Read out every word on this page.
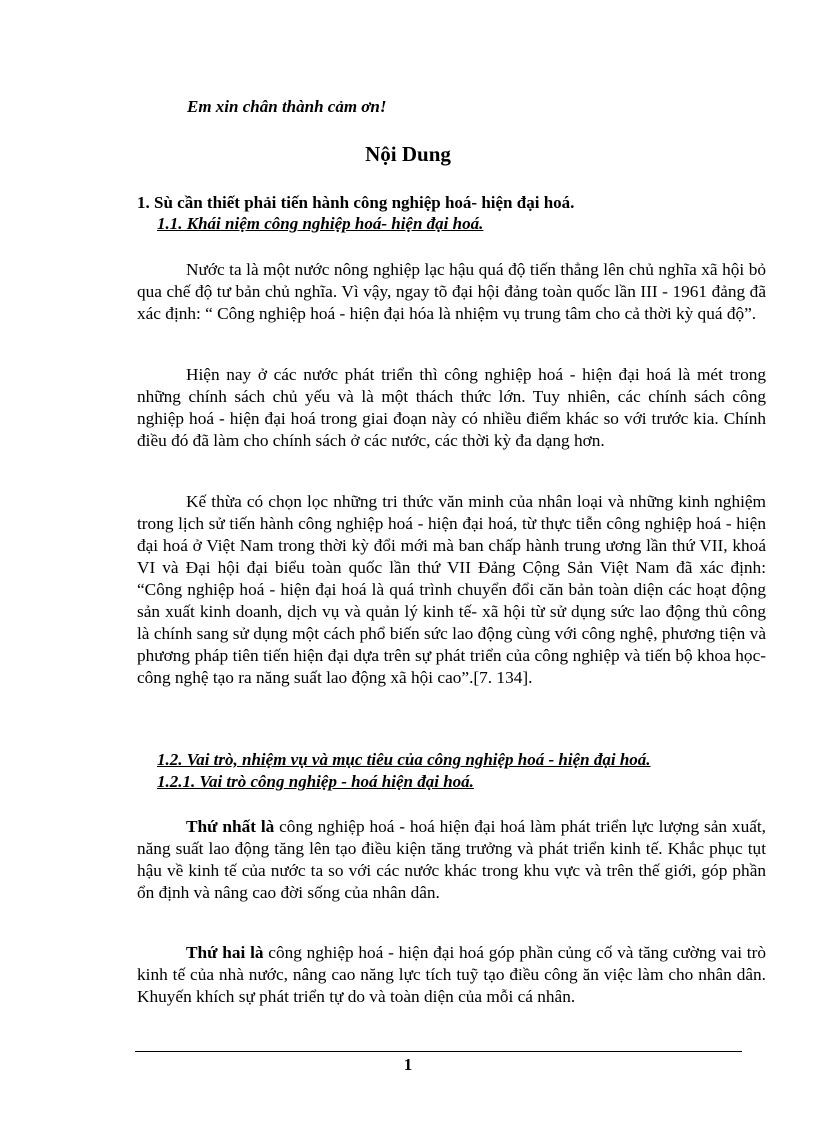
Em xin chân thành cảm ơn!
Nội Dung
1. Sù cần thiết phải tiến hành công nghiệp hoá- hiện đại hoá.
1.1. Khái niệm công nghiệp hoá- hiện đại hoá.

Nước ta là một nước nông nghiệp lạc hậu quá độ tiến thẳng lên chủ nghĩa xã hội bỏ qua chế độ tư bản chủ nghĩa. Vì vậy, ngay tõ đại hội đảng toàn quốc lần III - 1961 đảng đã xác định: “ Công nghiệp hoá - hiện đại hóa là nhiệm vụ trung tâm cho cả thời kỳ quá độ”.

Hiện nay ở các nước phát triển thì công nghiệp hoá - hiện đại hoá là mét trong những chính sách chủ yếu và là một thách thức lớn. Tuy nhiên, các chính sách công nghiệp hoá - hiện đại hoá trong giai đoạn này có nhiều điểm khác so với trước kia. Chính điều đó đã làm cho chính sách ở các nước, các thời kỳ đa dạng hơn.

Kế thừa có chọn lọc những tri thức văn minh của nhân loại và những kinh nghiệm trong lịch sử tiến hành công nghiệp hoá - hiện đại hoá, từ thực tiễn công nghiệp hoá - hiện đại hoá ở Việt Nam trong thời kỳ đổi mới mà ban chấp hành trung ương lần thứ VII, khoá VI và Đại hội đại biểu toàn quốc lần thứ VII Đảng Cộng Sản Việt Nam đã xác định: “Công nghiệp hoá - hiện đại hoá là quá trình chuyển đổi căn bản toàn diện các hoạt động sản xuất kinh doanh, dịch vụ và quản lý kinh tế- xã hội từ sử dụng sức lao động thủ công là chính sang sử dụng một cách phổ biến sức lao động cùng với công nghệ, phương tiện và phương pháp tiên tiến hiện đại dựa trên sự phát triển của công nghiệp và tiến bộ khoa học- công nghệ tạo ra năng suất lao động xã hội cao”.[7. 134].

1.2. Vai trò, nhiệm vụ và mục tiêu của công nghiệp hoá - hiện đại hoá.
1.2.1. Vai trò công nghiệp - hoá hiện đại hoá.

Thứ nhất là công nghiệp hoá - hoá hiện đại hoá làm phát triển lực lượng sản xuất, năng suất lao động tăng lên tạo điều kiện tăng trưởng và phát triển kinh tế. Khắc phục tụt hậu về kinh tế của nước ta so với các nước khác trong khu vực và trên thế giới, góp phần ổn định và nâng cao đời sống của nhân dân.

Thứ hai là công nghiệp hoá - hiện đại hoá góp phần củng cố và tăng cường vai trò kinh tế của nhà nước, nâng cao năng lực tích tuỹ tạo điều công ăn việc làm cho nhân dân. Khuyến khích sự phát triển tự do và toàn diện của mỗi cá nhân.

1
